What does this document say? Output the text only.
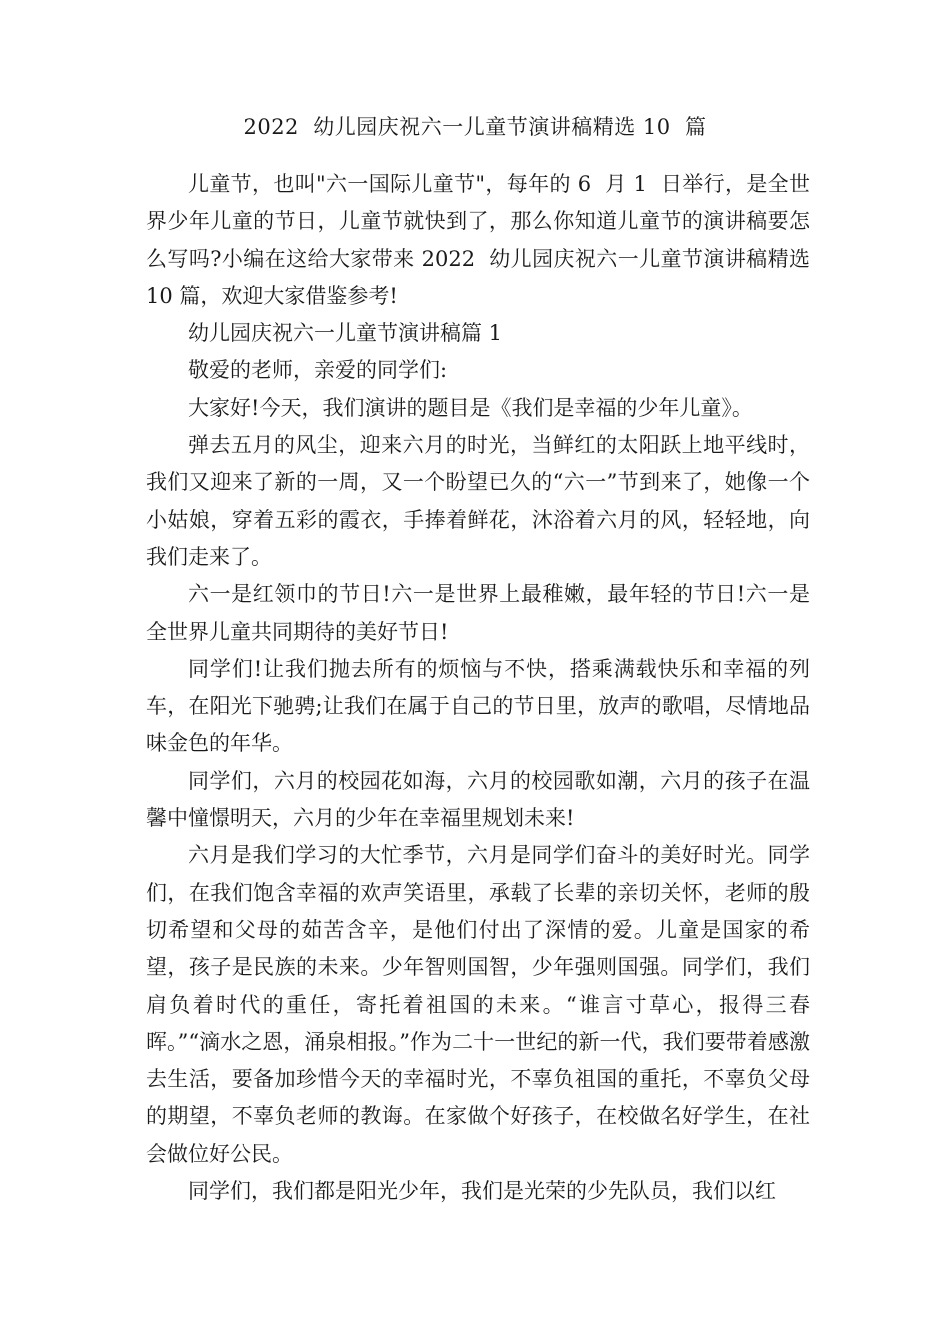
2022  幼儿园庆祝六一儿童节演讲稿精选 10  篇

儿童节，也叫"六一国际儿童节"，每年的 6  月 1  日举行，是全世界少年儿童的节日，儿童节就快到了，那么你知道儿童节的演讲稿要怎么写吗?小编在这给大家带来 2022  幼儿园庆祝六一儿童节演讲稿精选 10 篇，欢迎大家借鉴参考!

幼儿园庆祝六一儿童节演讲稿篇 1

敬爱的老师，亲爱的同学们:

大家好!今天，我们演讲的题目是《我们是幸福的少年儿童》。

弹去五月的风尘，迎来六月的时光，当鲜红的太阳跃上地平线时，我们又迎来了新的一周，又一个盼望已久的“六一”节到来了，她像一个小姑娘，穿着五彩的霞衣，手捧着鲜花，沐浴着六月的风，轻轻地，向我们走来了。

六一是红领巾的节日!六一是世界上最稚嫩，最年轻的节日!六一是全世界儿童共同期待的美好节日!

同学们!让我们抛去所有的烦恼与不快，搭乘满载快乐和幸福的列车，在阳光下驰骋;让我们在属于自己的节日里，放声的歌唱，尽情地品味金色的年华。

同学们，六月的校园花如海，六月的校园歌如潮，六月的孩子在温馨中憧憬明天，六月的少年在幸福里规划未来!

六月是我们学习的大忙季节，六月是同学们奋斗的美好时光。同学们，在我们饱含幸福的欢声笑语里，承载了长辈的亲切关怀，老师的殷切希望和父母的茹苦含辛，是他们付出了深情的爱。儿童是国家的希望，孩子是民族的未来。少年智则国智，少年强则国强。同学们，我们肩负着时代的重任，寄托着祖国的未来。“谁言寸草心，报得三春晖。”“滴水之恩，涌泉相报。”作为二十一世纪的新一代，我们要带着感激去生活，要备加珍惜今天的幸福时光，不辜负祖国的重托，不辜负父母的期望，不辜负老师的教诲。在家做个好孩子，在校做名好学生，在社会做位好公民。

同学们，我们都是阳光少年，我们是光荣的少先队员，我们以红
